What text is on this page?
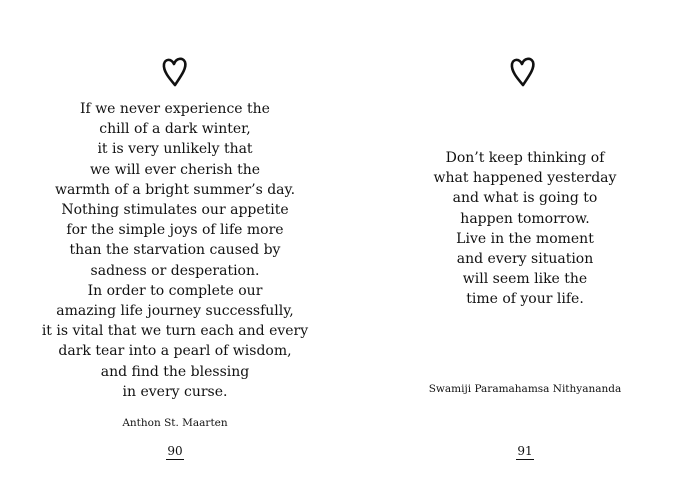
If we never experience the
chill of a dark winter,
it is very unlikely that
we will ever cherish the
warmth of a bright summer’s day.
Nothing stimulates our appetite
for the simple joys of life more
than the starvation caused by
sadness or desperation.
In order to complete our
amazing life journey successfully,
it is vital that we turn each and every
dark tear into a pearl of wisdom,
and find the blessing
in every curse.
Anthon St. Maarten
90
Don’t keep thinking of
what happened yesterday
and what is going to
happen tomorrow.
Live in the moment
and every situation
will seem like the
time of your life.
Swamiji Paramahamsa Nithyananda
91
